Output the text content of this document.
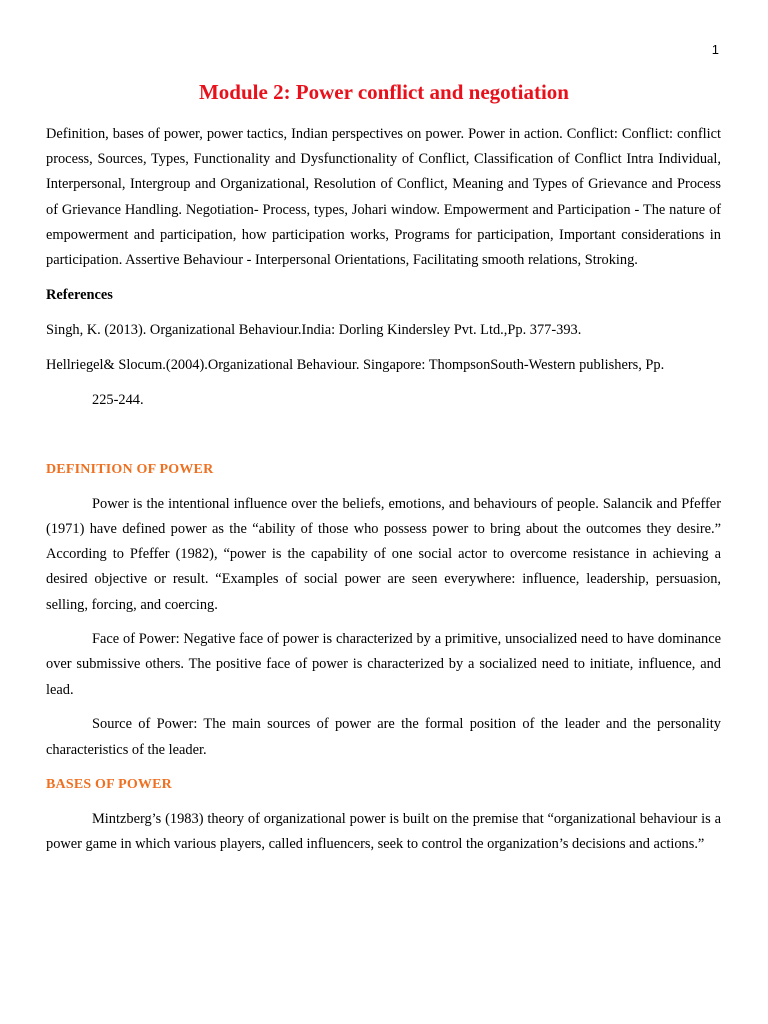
1
Module 2: Power conflict and negotiation

Definition, bases of power, power tactics, Indian perspectives on power. Power in action. Conflict: Conflict: conflict process, Sources, Types, Functionality and Dysfunctionality of Conflict, Classification of Conflict Intra Individual, Interpersonal, Intergroup and Organizational, Resolution of Conflict, Meaning and Types of Grievance and Process of Grievance Handling. Negotiation- Process, types, Johari window. Empowerment and Participation - The nature of empowerment and participation, how participation works, Programs for participation, Important considerations in participation. Assertive Behaviour - Interpersonal Orientations, Facilitating smooth relations, Stroking.

References

Singh, K. (2013). Organizational Behaviour.India: Dorling Kindersley Pvt. Ltd.,Pp. 377-393.

Hellriegel& Slocum.(2004).Organizational Behaviour. Singapore: ThompsonSouth-Western publishers, Pp.

225-244.

DEFINITION OF POWER

Power is the intentional influence over the beliefs, emotions, and behaviours of people. Salancik and Pfeffer (1971) have defined power as the “ability of those who possess power to bring about the outcomes they desire.” According to Pfeffer (1982), “power is the capability of one social actor to overcome resistance in achieving a desired objective or result. “Examples of social power are seen everywhere: influence, leadership, persuasion, selling, forcing, and coercing.

Face of Power: Negative face of power is characterized by a primitive, unsocialized need to have dominance over submissive others. The positive face of power is characterized by a socialized need to initiate, influence, and lead.

Source of Power: The main sources of power are the formal position of the leader and the personality characteristics of the leader.

BASES OF POWER

Mintzberg’s (1983) theory of organizational power is built on the premise that “organizational behaviour is a power game in which various players, called influencers, seek to control the organization’s decisions and actions.”
